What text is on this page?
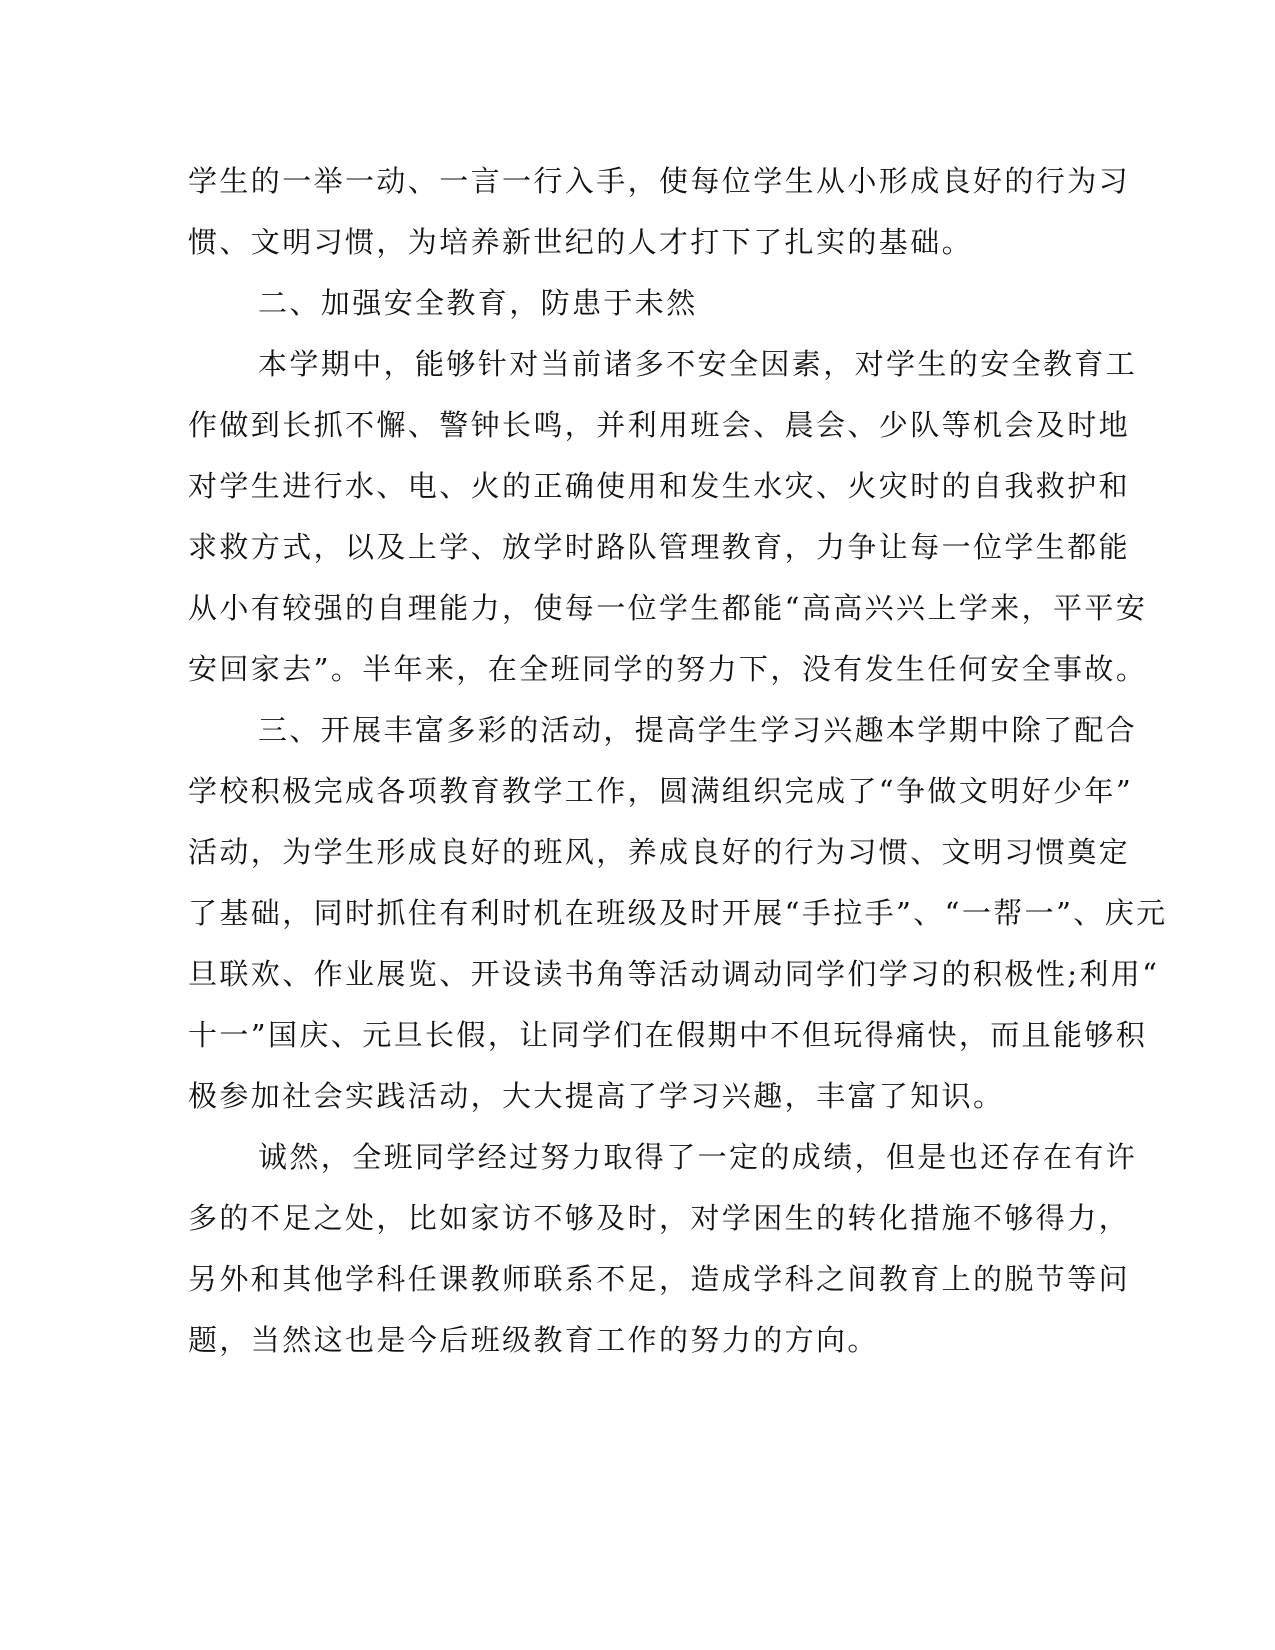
学生的一举一动、一言一行入手，使每位学生从小形成良好的行为习
惯、文明习惯，为培养新世纪的人才打下了扎实的基础。
二、加强安全教育，防患于未然
本学期中，能够针对当前诸多不安全因素，对学生的安全教育工
作做到长抓不懈、警钟长鸣，并利用班会、晨会、少队等机会及时地
对学生进行水、电、火的正确使用和发生水灾、火灾时的自我救护和
求救方式，以及上学、放学时路队管理教育，力争让每一位学生都能
从小有较强的自理能力，使每一位学生都能“高高兴兴上学来，平平安
安回家去”。半年来，在全班同学的努力下，没有发生任何安全事故。
三、开展丰富多彩的活动，提高学生学习兴趣本学期中除了配合
学校积极完成各项教育教学工作，圆满组织完成了“争做文明好少年”
活动，为学生形成良好的班风，养成良好的行为习惯、文明习惯奠定
了基础，同时抓住有利时机在班级及时开展“手拉手”、“一帮一”、庆元
旦联欢、作业展览、开设读书角等活动调动同学们学习的积极性;利用“
十一”国庆、元旦长假，让同学们在假期中不但玩得痛快，而且能够积
极参加社会实践活动，大大提高了学习兴趣，丰富了知识。
诚然，全班同学经过努力取得了一定的成绩，但是也还存在有许
多的不足之处，比如家访不够及时，对学困生的转化措施不够得力，
另外和其他学科任课教师联系不足，造成学科之间教育上的脱节等问
题，当然这也是今后班级教育工作的努力的方向。
